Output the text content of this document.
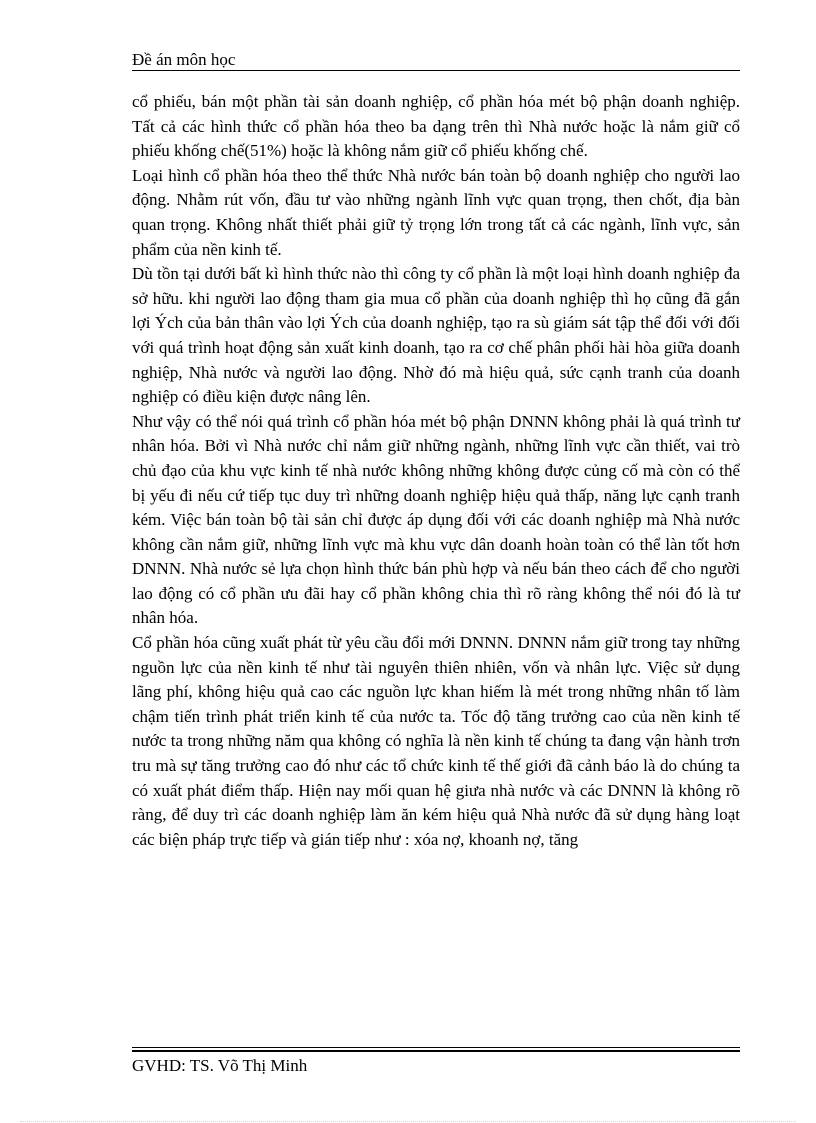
Đề án môn học

cổ phiếu, bán một phần tài sản doanh nghiệp, cổ phần hóa mét bộ phận doanh nghiệp. Tất cả các hình thức cổ phần hóa theo ba dạng trên thì Nhà nước hoặc là nắm giữ cổ phiếu khống chế(51%) hoặc là không nắm giữ cổ phiếu khống chế.

Loại hình cổ phần hóa theo thể thức Nhà nước bán toàn bộ doanh nghiệp cho người lao động. Nhằm rút vốn, đầu tư vào những ngành lĩnh vực quan trọng, then chốt, địa bàn quan trọng. Không nhất thiết phải giữ tỷ trọng lớn trong tất cả các ngành, lĩnh vực, sản phẩm của nền kinh tế.

Dù tồn tại dưới bất kì hình thức nào thì công ty cổ phần là một loại hình doanh nghiệp đa sở hữu. khi người lao động tham gia mua cổ phần của doanh nghiệp thì họ cũng đã gắn lợi Ých của bản thân vào lợi Ých của doanh nghiệp, tạo ra sù giám sát tập thể đối với đối với quá trình hoạt động sản xuất kinh doanh, tạo ra cơ chế phân phối hài hòa giữa doanh nghiệp, Nhà nước và người lao động. Nhờ đó mà hiệu quả, sức cạnh tranh của doanh nghiệp có điều kiện được nâng lên.

Như vậy có thể nói quá trình cổ phần hóa mét bộ phận DNNN không phải là quá trình tư nhân hóa. Bởi vì Nhà nước chỉ nắm giữ những ngành, những lĩnh vực cần thiết, vai trò chủ đạo của khu vực kinh tế nhà nước không những không được củng cố mà còn có thể bị yếu đi nếu cứ tiếp tục duy trì những doanh nghiệp hiệu quả thấp, năng lực cạnh tranh kém. Việc bán toàn bộ tài sản chỉ được áp dụng đối với các doanh nghiệp mà Nhà nước không cần nắm giữ, những lĩnh vực mà khu vực dân doanh hoàn toàn có thể làn tốt hơn DNNN. Nhà nước sẻ lựa chọn hình thức bán phù hợp và nếu bán theo cách để cho người lao động có cổ phần ưu đãi hay cổ phần không chia thì rõ ràng không thể nói đó là tư nhân hóa.

Cổ phần hóa cũng xuất phát từ yêu cầu đổi mới DNNN. DNNN nắm giữ trong tay những nguồn lực của nền kinh tế như tài nguyên thiên nhiên, vốn và nhân lực. Việc sử dụng lãng phí, không hiệu quả cao các nguồn lực khan hiếm là mét trong những nhân tố làm chậm tiến trình phát triển kinh tế của nước ta. Tốc độ tăng trưởng cao của nền kinh tế nước ta trong những năm qua không có nghĩa là nền kinh tế chúng ta đang vận hành trơn tru mà sự tăng trưởng cao đó như các tổ chức kinh tế thế giới đã cảnh báo là do chúng ta có xuất phát điểm thấp. Hiện nay mối quan hệ giưa nhà nước và các DNNN là không rõ ràng, để duy trì các doanh nghiệp làm ăn kém hiệu quả Nhà nước đã sử dụng hàng loạt các biện pháp trực tiếp và gián tiếp như : xóa nợ, khoanh nợ, tăng

GVHD: TS. Võ Thị Minh
